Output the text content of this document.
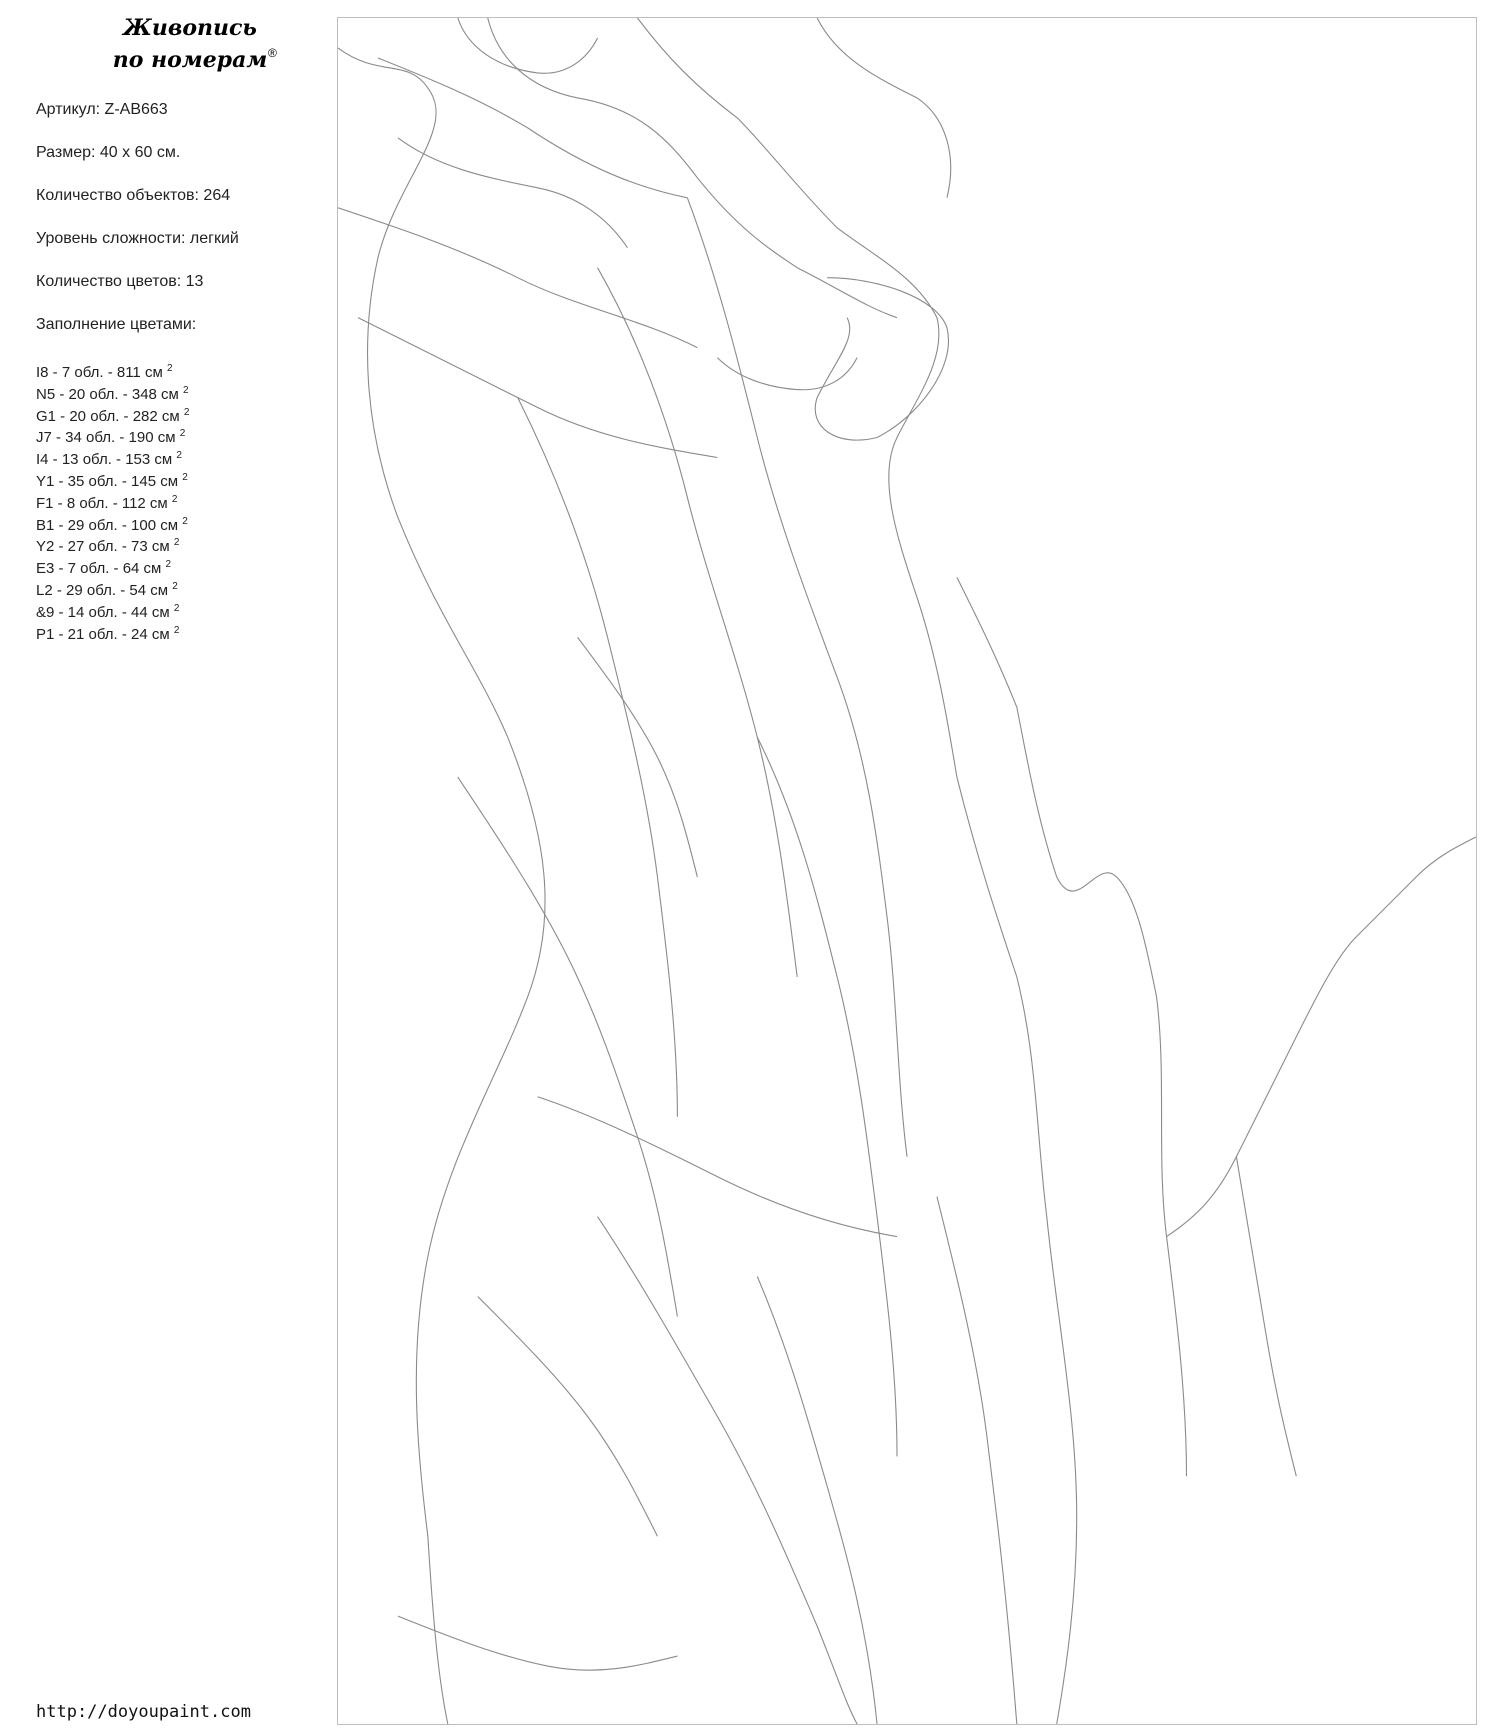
Живопись
по номерам ®
Артикул: Z-AB663
Размер: 40 х 60 см.
Количество объектов: 264
Уровень сложности: легкий
Количество цветов: 13
Заполнение цветами:
I8 - 7 обл. - 811 см $^2$
N5 - 20 обл. - 348 см $^2$
G1 - 20 обл. - 282 см $^2$
J7 - 34 обл. - 190 см $^2$
I4 - 13 обл. - 153 см $^2$
Y1 - 35 обл. - 145 см $^2$
F1 - 8 обл. - 112 см $^2$
B1 - 29 обл. - 100 см $^2$
Y2 - 27 обл. - 73 см $^2$
E3 - 7 обл. - 64 см $^2$
L2 - 29 обл. - 54 см $^2$
&9 - 14 обл. - 44 см $^2$
P1 - 21 обл. - 24 см $^2$
http://doyoupaint.com
